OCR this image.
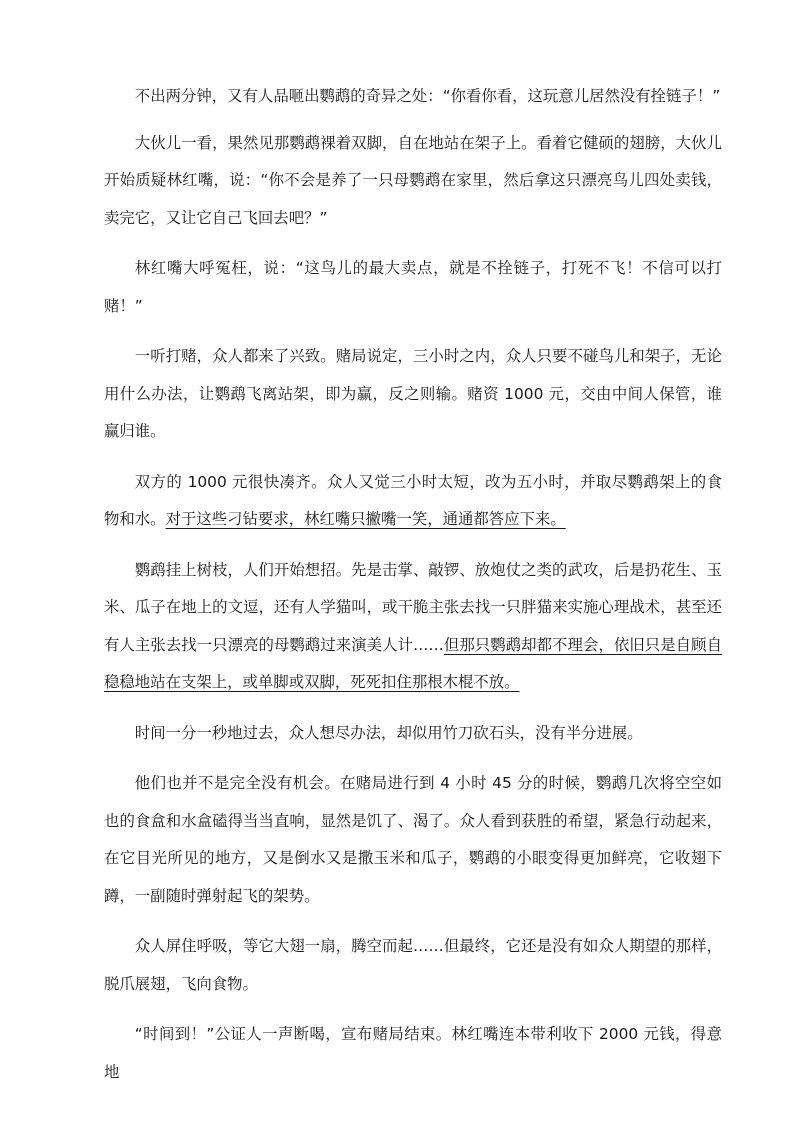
不出两分钟，又有人品咂出鹦鹉的奇异之处：“你看你看，这玩意儿居然没有拴链子！”

大伙儿一看，果然见那鹦鹉裸着双脚，自在地站在架子上。看着它健硕的翅膀，大伙儿开始质疑林红嘴，说：“你不会是养了一只母鹦鹉在家里，然后拿这只漂亮鸟儿四处卖钱，卖完它，又让它自己飞回去吧？”

林红嘴大呼冤枉，说：“这鸟儿的最大卖点，就是不拴链子，打死不飞！不信可以打赌！”

一听打赌，众人都来了兴致。赌局说定，三小时之内，众人只要不碰鸟儿和架子，无论用什么办法，让鹦鹉飞离站架，即为赢，反之则输。赌资 1000 元，交由中间人保管，谁赢归谁。

双方的 1000 元很快凑齐。众人又觉三小时太短，改为五小时，并取尽鹦鹉架上的食物和水。对于这些刁钻要求，林红嘴只撇嘴一笑，通通都答应下来。

鹦鹉挂上树枝，人们开始想招。先是击掌、敲锣、放炮仗之类的武攻，后是扔花生、玉米、瓜子在地上的文逗，还有人学猫叫，或干脆主张去找一只胖猫来实施心理战术，甚至还有人主张去找一只漂亮的母鹦鹉过来演美人计……但那只鹦鹉却都不理会，依旧只是自顾自稳稳地站在支架上，或单脚或双脚，死死扣住那根木棍不放。

时间一分一秒地过去，众人想尽办法，却似用竹刀砍石头，没有半分进展。

他们也并不是完全没有机会。在赌局进行到 4 小时 45 分的时候，鹦鹉几次将空空如也的食盒和水盒磕得当当直响，显然是饥了、渴了。众人看到获胜的希望，紧急行动起来，在它目光所见的地方，又是倒水又是撒玉米和瓜子，鹦鹉的小眼变得更加鲜亮，它收翅下蹲，一副随时弹射起飞的架势。

众人屏住呼吸，等它大翅一扇，腾空而起……但最终，它还是没有如众人期望的那样，脱爪展翅，飞向食物。

“时间到！”公证人一声断喝，宣布赌局结束。林红嘴连本带利收下 2000 元钱，得意地
